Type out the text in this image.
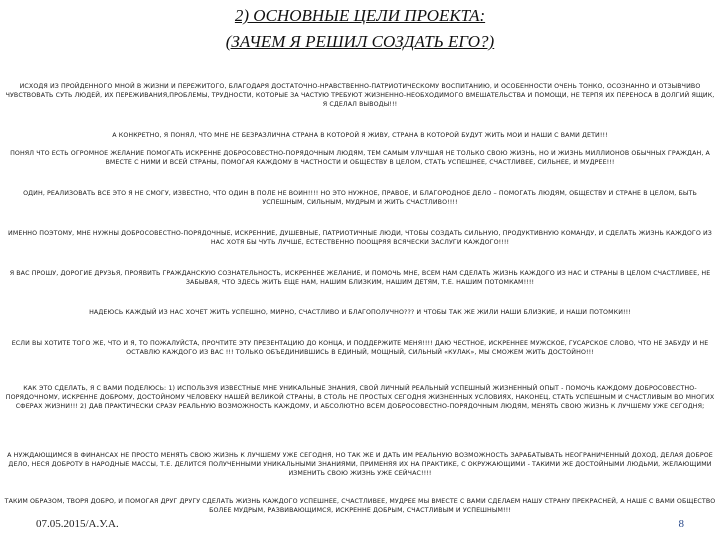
2) ОСНОВНЫЕ ЦЕЛИ ПРОЕКТА:
(ЗАЧЕМ Я РЕШИЛ СОЗДАТЬ ЕГО?)
ИСХОДЯ ИЗ ПРОЙДЕННОГО МНОЙ В ЖИЗНИ И ПЕРЕЖИТОГО, БЛАГОДАРЯ ДОСТАТОЧНО-НРАВСТВЕННО-ПАТРИОТИЧЕСКОМУ ВОСПИТАНИЮ, И ОСОБЕННОСТИ ОЧЕНЬ ТОНКО, ОСОЗНАННО И ОТЗЫВЧИВО ЧУВСТВОВАТЬ СУТЬ ЛЮДЕЙ, ИХ ПЕРЕЖИВАНИЯ,ПРОБЛЕМЫ, ТРУДНОСТИ, КОТОРЫЕ ЗА ЧАСТУЮ ТРЕБУЮТ ЖИЗНЕННО-НЕОБХОДИМОГО ВМЕШАТЕЛЬСТВА И ПОМОЩИ, НЕ ТЕРПЯ ИХ ПЕРЕНОСА В ДОЛГИЙ ЯЩИК, Я СДЕЛАЛ ВЫВОДЫ!!!
А КОНКРЕТНО, Я ПОНЯЛ, ЧТО МНЕ НЕ БЕЗРАЗЛИЧНА СТРАНА В КОТОРОЙ Я ЖИВУ, СТРАНА В КОТОРОЙ БУДУТ ЖИТЬ МОИ И НАШИ С ВАМИ ДЕТИ!!!
ПОНЯЛ ЧТО ЕСТЬ ОГРОМНОЕ ЖЕЛАНИЕ ПОМОГАТЬ ИСКРЕННЕ ДОБРОСОВЕСТНО-ПОРЯДОЧНЫМ ЛЮДЯМ, ТЕМ САМЫМ УЛУЧШАЯ НЕ ТОЛЬКО СВОЮ ЖИЗНЬ, НО И ЖИЗНЬ МИЛЛИОНОВ ОБЫЧНЫХ ГРАЖДАН, А ВМЕСТЕ С НИМИ И ВСЕЙ СТРАНЫ, ПОМОГАЯ КАЖДОМУ В ЧАСТНОСТИ И ОБЩЕСТВУ В ЦЕЛОМ, СТАТЬ УСПЕШНЕЕ, СЧАСТЛИВЕЕ, СИЛЬНЕЕ, И МУДРЕЕ!!!
ОДИН, РЕАЛИЗОВАТЬ ВСЕ ЭТО Я НЕ СМОГУ, ИЗВЕСТНО, ЧТО ОДИН В ПОЛЕ НЕ ВОИН!!!! НО ЭТО НУЖНОЕ, ПРАВОЕ, И БЛАГОРОДНОЕ ДЕЛО – ПОМОГАТЬ ЛЮДЯМ, ОБЩЕСТВУ И СТРАНЕ В ЦЕЛОМ, БЫТЬ УСПЕШНЫМ, СИЛЬНЫМ, МУДРЫМ И ЖИТЬ СЧАСТЛИВО!!!!
ИМЕННО ПОЭТОМУ, МНЕ НУЖНЫ ДОБРОСОВЕСТНО-ПОРЯДОЧНЫЕ, ИСКРЕННИЕ, ДУШЕВНЫЕ, ПАТРИОТИЧНЫЕ ЛЮДИ, ЧТОБЫ СОЗДАТЬ СИЛЬНУЮ, ПРОДУКТИВНУЮ КОМАНДУ, И СДЕЛАТЬ ЖИЗНЬ КАЖДОГО ИЗ НАС ХОТЯ БЫ ЧУТЬ ЛУЧШЕ, ЕСТЕСТВЕННО ПООЩРЯЯ ВСЯЧЕСКИ ЗАСЛУГИ КАЖДОГО!!!!
Я ВАС ПРОШУ, ДОРОГИЕ ДРУЗЬЯ, ПРОЯВИТЬ ГРАЖДАНСКУЮ СОЗНАТЕЛЬНОСТЬ, ИСКРЕННЕЕ ЖЕЛАНИЕ, И ПОМОЧЬ МНЕ, ВСЕМ НАМ СДЕЛАТЬ ЖИЗНЬ КАЖДОГО ИЗ НАС И СТРАНЫ В ЦЕЛОМ СЧАСТЛИВЕЕ, НЕ ЗАБЫВАЯ, ЧТО ЗДЕСЬ ЖИТЬ ЕЩЕ НАМ, НАШИМ БЛИЗКИМ, НАШИМ ДЕТЯМ, Т.Е. НАШИМ ПОТОМКАМ!!!!
НАДЕЮСЬ КАЖДЫЙ ИЗ НАС ХОЧЕТ ЖИТЬ УСПЕШНО, МИРНО, СЧАСТЛИВО И БЛАГОПОЛУЧНО??? И ЧТОБЫ ТАК ЖЕ ЖИЛИ НАШИ БЛИЗКИЕ, И НАШИ ПОТОМКИ!!!
ЕСЛИ ВЫ ХОТИТЕ ТОГО ЖЕ, ЧТО И Я, ТО ПОЖАЛУЙСТА, ПРОЧТИТЕ ЭТУ ПРЕЗЕНТАЦИЮ ДО КОНЦА, И ПОДДЕРЖИТЕ МЕНЯ!!!! ДАЮ ЧЕСТНОЕ, ИСКРЕННЕЕ МУЖСКОЕ, ГУСАРСКОЕ СЛОВО, ЧТО НЕ ЗАБУДУ И НЕ ОСТАВЛЮ КАЖДОГО ИЗ ВАС !!! ТОЛЬКО ОБЪЕДИНИВШИСЬ В ЕДИНЫЙ, МОЩНЫЙ, СИЛЬНЫЙ «КУЛАК», МЫ СМОЖЕМ ЖИТЬ ДОСТОЙНО!!!
КАК ЭТО СДЕЛАТЬ, Я С ВАМИ ПОДЕЛЮСЬ: 1) ИСПОЛЬЗУЯ ИЗВЕСТНЫЕ МНЕ УНИКАЛЬНЫЕ ЗНАНИЯ, СВОЙ ЛИЧНЫЙ РЕАЛЬНЫЙ УСПЕШНЫЙ ЖИЗНЕННЫЙ ОПЫТ - ПОМОЧЬ КАЖДОМУ ДОБРОСОВЕСТНО-ПОРЯДОЧНОМУ, ИСКРЕННЕ ДОБРОМУ, ДОСТОЙНОМУ ЧЕЛОВЕКУ НАШЕЙ ВЕЛИКОЙ СТРАНЫ, В СТОЛЬ НЕ ПРОСТЫХ СЕГОДНЯ ЖИЗНЕННЫХ УСЛОВИЯХ, НАКОНЕЦ, СТАТЬ УСПЕШНЫМ И СЧАСТЛИВЫМ ВО МНОГИХ СФЕРАХ ЖИЗНИ!!! 2) ДАВ ПРАКТИЧЕСКИ СРАЗУ РЕАЛЬНУЮ ВОЗМОЖНОСТЬ КАЖДОМУ, И АБСОЛЮТНО ВСЕМ ДОБРОСОВЕСТНО-ПОРЯДОЧНЫМ ЛЮДЯМ, МЕНЯТЬ СВОЮ ЖИЗНЬ К ЛУЧШЕМУ УЖЕ СЕГОДНЯ;
А НУЖДАЮЩИМСЯ В ФИНАНСАХ НЕ ПРОСТО МЕНЯТЬ СВОЮ ЖИЗНЬ К ЛУЧШЕМУ УЖЕ СЕГОДНЯ, НО ТАК ЖЕ И ДАТЬ ИМ РЕАЛЬНУЮ ВОЗМОЖНОСТЬ ЗАРАБАТЫВАТЬ НЕОГРАНИЧЕННЫЙ ДОХОД, ДЕЛАЯ ДОБРОЕ ДЕЛО, НЕСЯ ДОБРОТУ В НАРОДНЫЕ МАССЫ, Т.Е. ДЕЛИТСЯ ПОЛУЧЕННЫМИ УНИКАЛЬНЫМИ ЗНАНИЯМИ, ПРИМЕНЯЯ ИХ НА ПРАКТИКЕ, С ОКРУЖАЮЩИМИ - ТАКИМИ ЖЕ ДОСТОЙНЫМИ ЛЮДЬМИ, ЖЕЛАЮЩИМИ ИЗМЕНИТЬ СВОЮ ЖИЗНЬ УЖЕ СЕЙЧАС!!!!
ТАКИМ ОБРАЗОМ, ТВОРЯ ДОБРО, И ПОМОГАЯ ДРУГ ДРУГУ СДЕЛАТЬ ЖИЗНЬ КАЖДОГО УСПЕШНЕЕ, СЧАСТЛИВЕЕ, МУДРЕЕ МЫ ВМЕСТЕ С ВАМИ СДЕЛАЕМ НАШУ СТРАНУ ПРЕКРАСНЕЙ, А НАШЕ С ВАМИ ОБЩЕСТВО БОЛЕЕ МУДРЫМ, РАЗВИВАЮЩИМСЯ, ИСКРЕННЕ ДОБРЫМ, СЧАСТЛИВЫМ И УСПЕШНЫМ!!!
07.05.2015/А.У.А.	8
